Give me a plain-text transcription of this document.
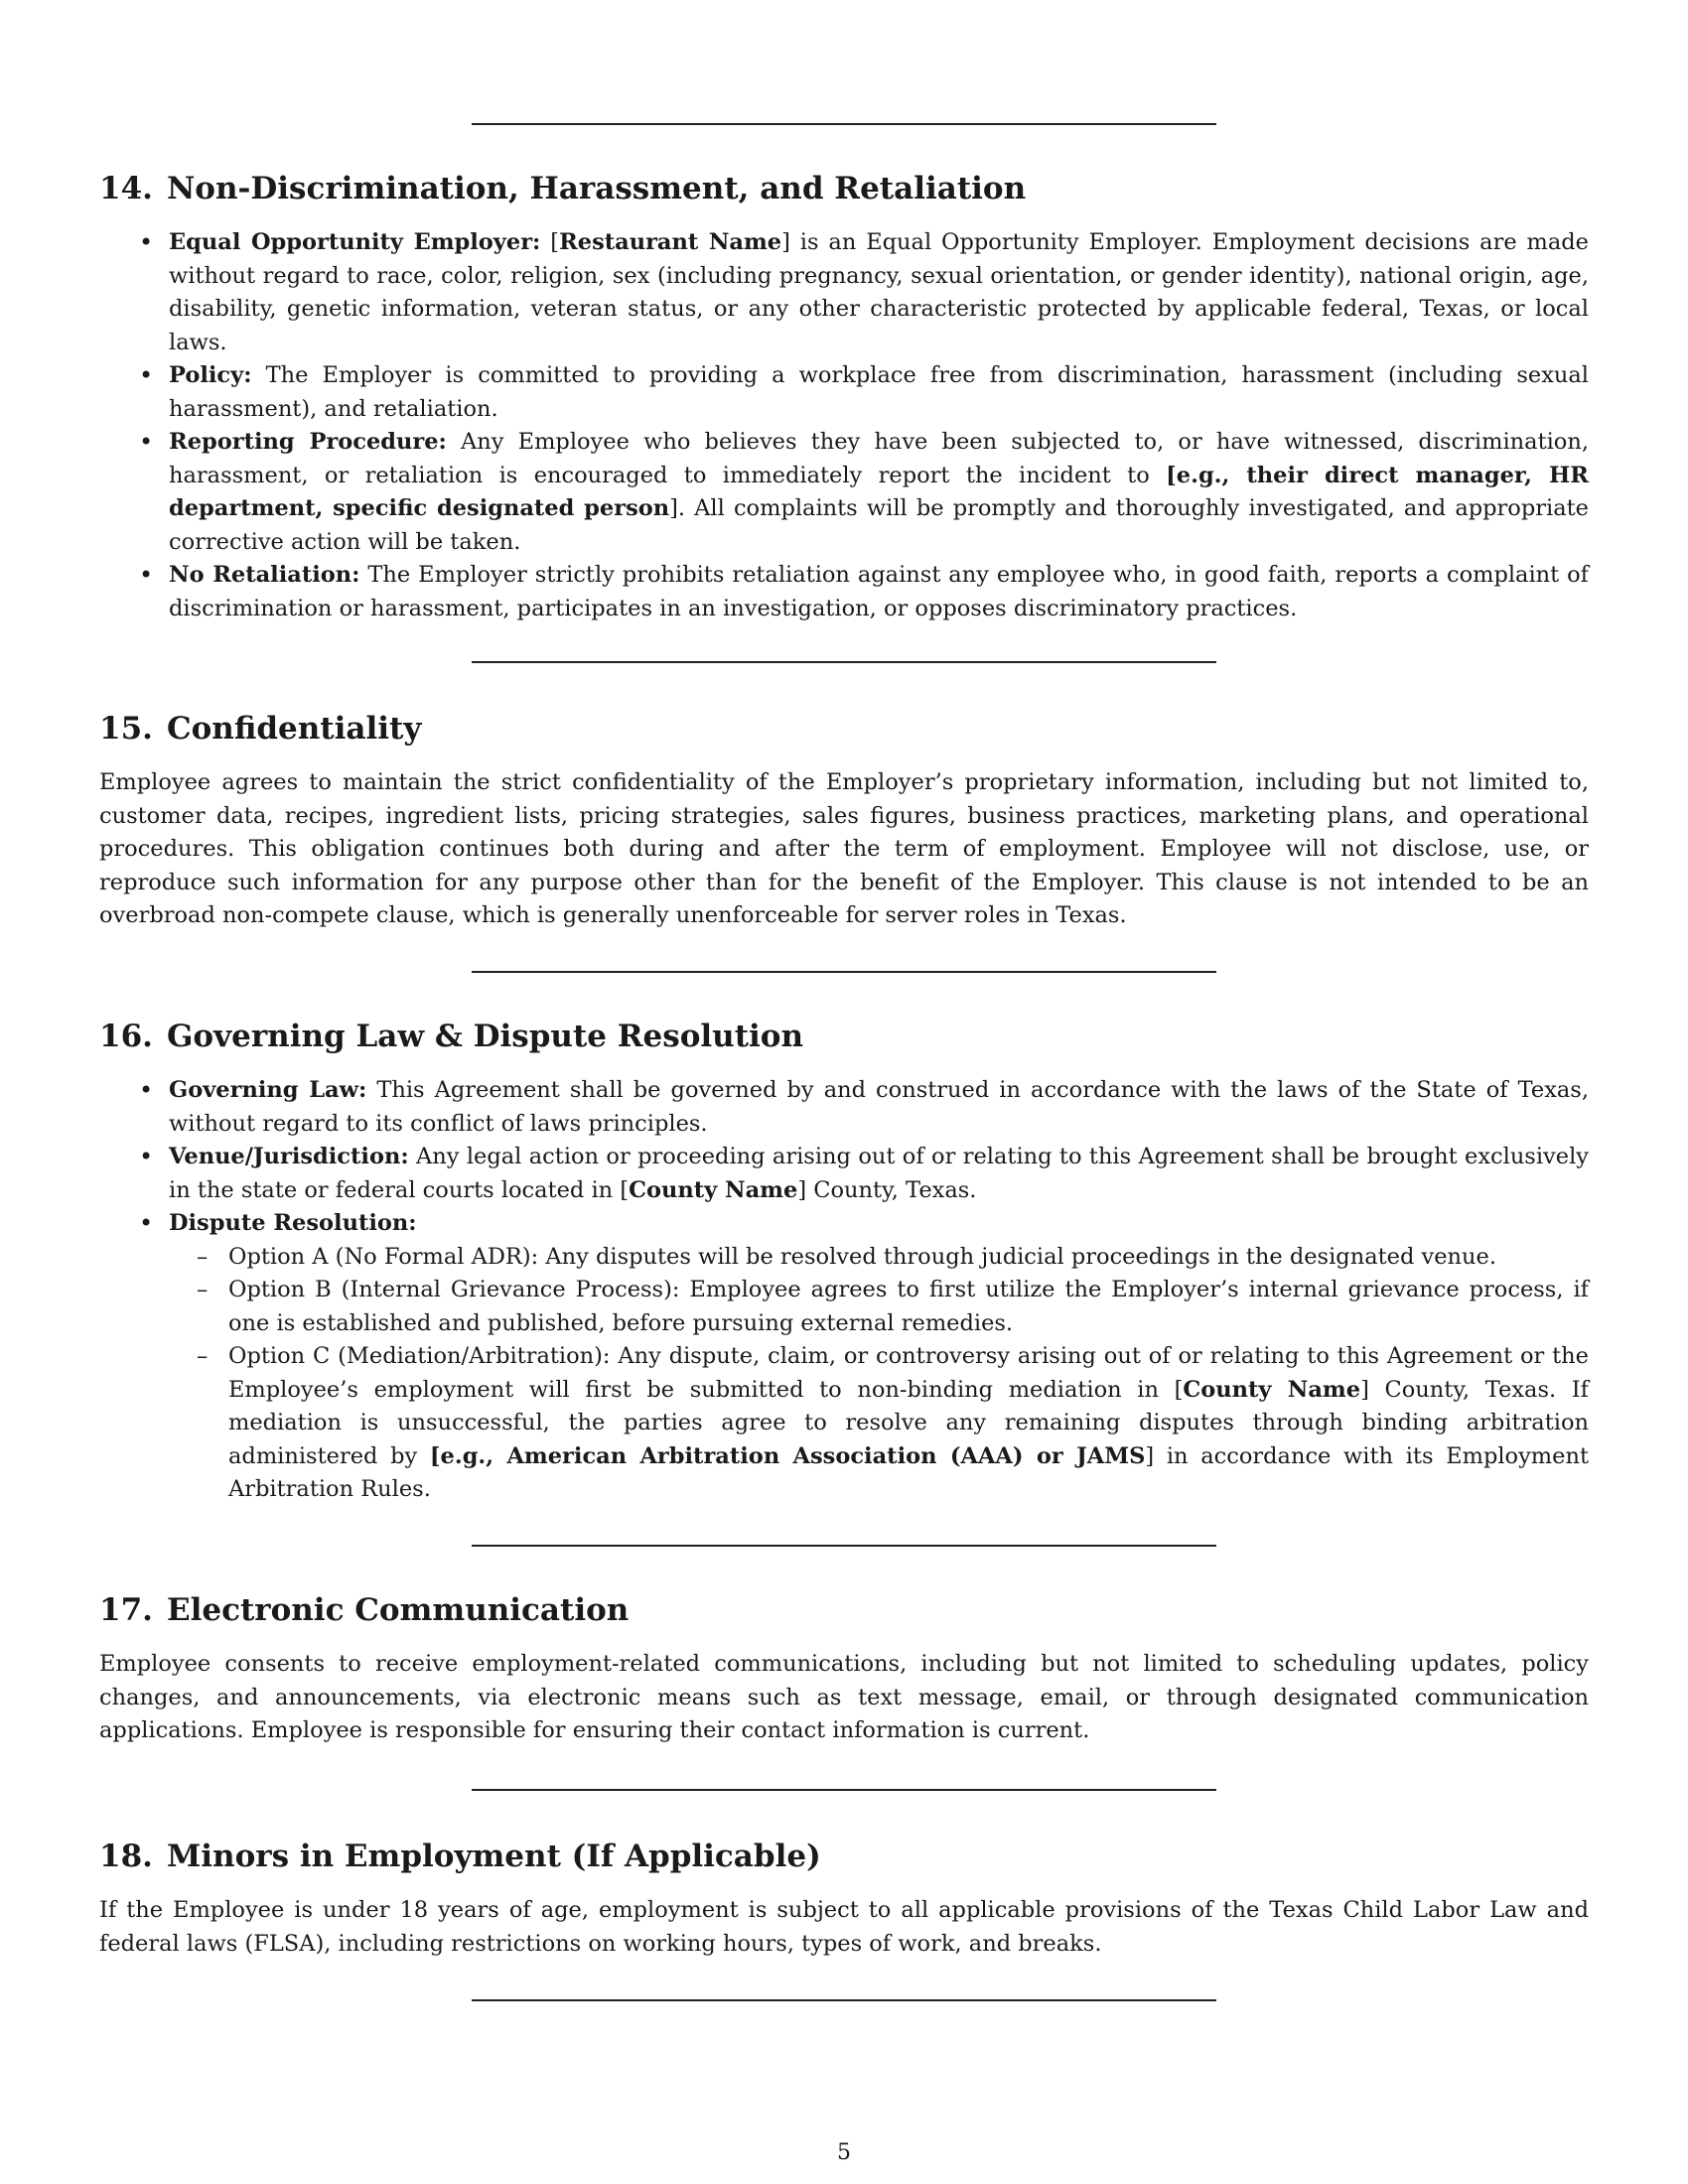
14. Non-Discrimination, Harassment, and Retaliation
• Equal Opportunity Employer: [Restaurant Name] is an Equal Opportunity Employer. Employment decisions are made without regard to race, color, religion, sex (including pregnancy, sexual orientation, or gender identity), national origin, age, disability, genetic information, veteran status, or any other characteristic protected by applicable federal, Texas, or local laws.
• Policy: The Employer is committed to providing a workplace free from discrimination, harassment (including sexual harassment), and retaliation.
• Reporting Procedure: Any Employee who believes they have been subjected to, or have witnessed, discrimination, harassment, or retaliation is encouraged to immediately report the incident to [e.g., their direct manager, HR department, specific designated person]. All complaints will be promptly and thoroughly investigated, and appropriate corrective action will be taken.
• No Retaliation: The Employer strictly prohibits retaliation against any employee who, in good faith, reports a complaint of discrimination or harassment, participates in an investigation, or opposes discriminatory practices.
15. Confidentiality

Employee agrees to maintain the strict confidentiality of the Employer’s proprietary information, including but not limited to, customer data, recipes, ingredient lists, pricing strategies, sales figures, business practices, marketing plans, and operational procedures. This obligation continues both during and after the term of employment. Employee will not disclose, use, or reproduce such information for any purpose other than for the benefit of the Employer. This clause is not intended to be an overbroad non-compete clause, which is generally unenforceable for server roles in Texas.

16. Governing Law & Dispute Resolution
• Governing Law: This Agreement shall be governed by and construed in accordance with the laws of the State of Texas, without regard to its conflict of laws principles.
• Venue/Jurisdiction: Any legal action or proceeding arising out of or relating to this Agreement shall be brought exclusively in the state or federal courts located in [County Name] County, Texas.
• Dispute Resolution:
– Option A (No Formal ADR): Any disputes will be resolved through judicial proceedings in the designated venue.
– Option B (Internal Grievance Process): Employee agrees to first utilize the Employer’s internal grievance process, if one is established and published, before pursuing external remedies.
– Option C (Mediation/Arbitration): Any dispute, claim, or controversy arising out of or relating to this Agreement or the Employee’s employment will first be submitted to non-binding mediation in [County Name] County, Texas. If mediation is unsuccessful, the parties agree to resolve any remaining disputes through binding arbitration administered by [e.g., American Arbitration Association (AAA) or JAMS] in accordance with its Employment Arbitration Rules.
17. Electronic Communication

Employee consents to receive employment-related communications, including but not limited to scheduling updates, policy changes, and announcements, via electronic means such as text message, email, or through designated communication applications. Employee is responsible for ensuring their contact information is current.

18. Minors in Employment (If Applicable)

If the Employee is under 18 years of age, employment is subject to all applicable provisions of the Texas Child Labor Law and federal laws (FLSA), including restrictions on working hours, types of work, and breaks.

5
